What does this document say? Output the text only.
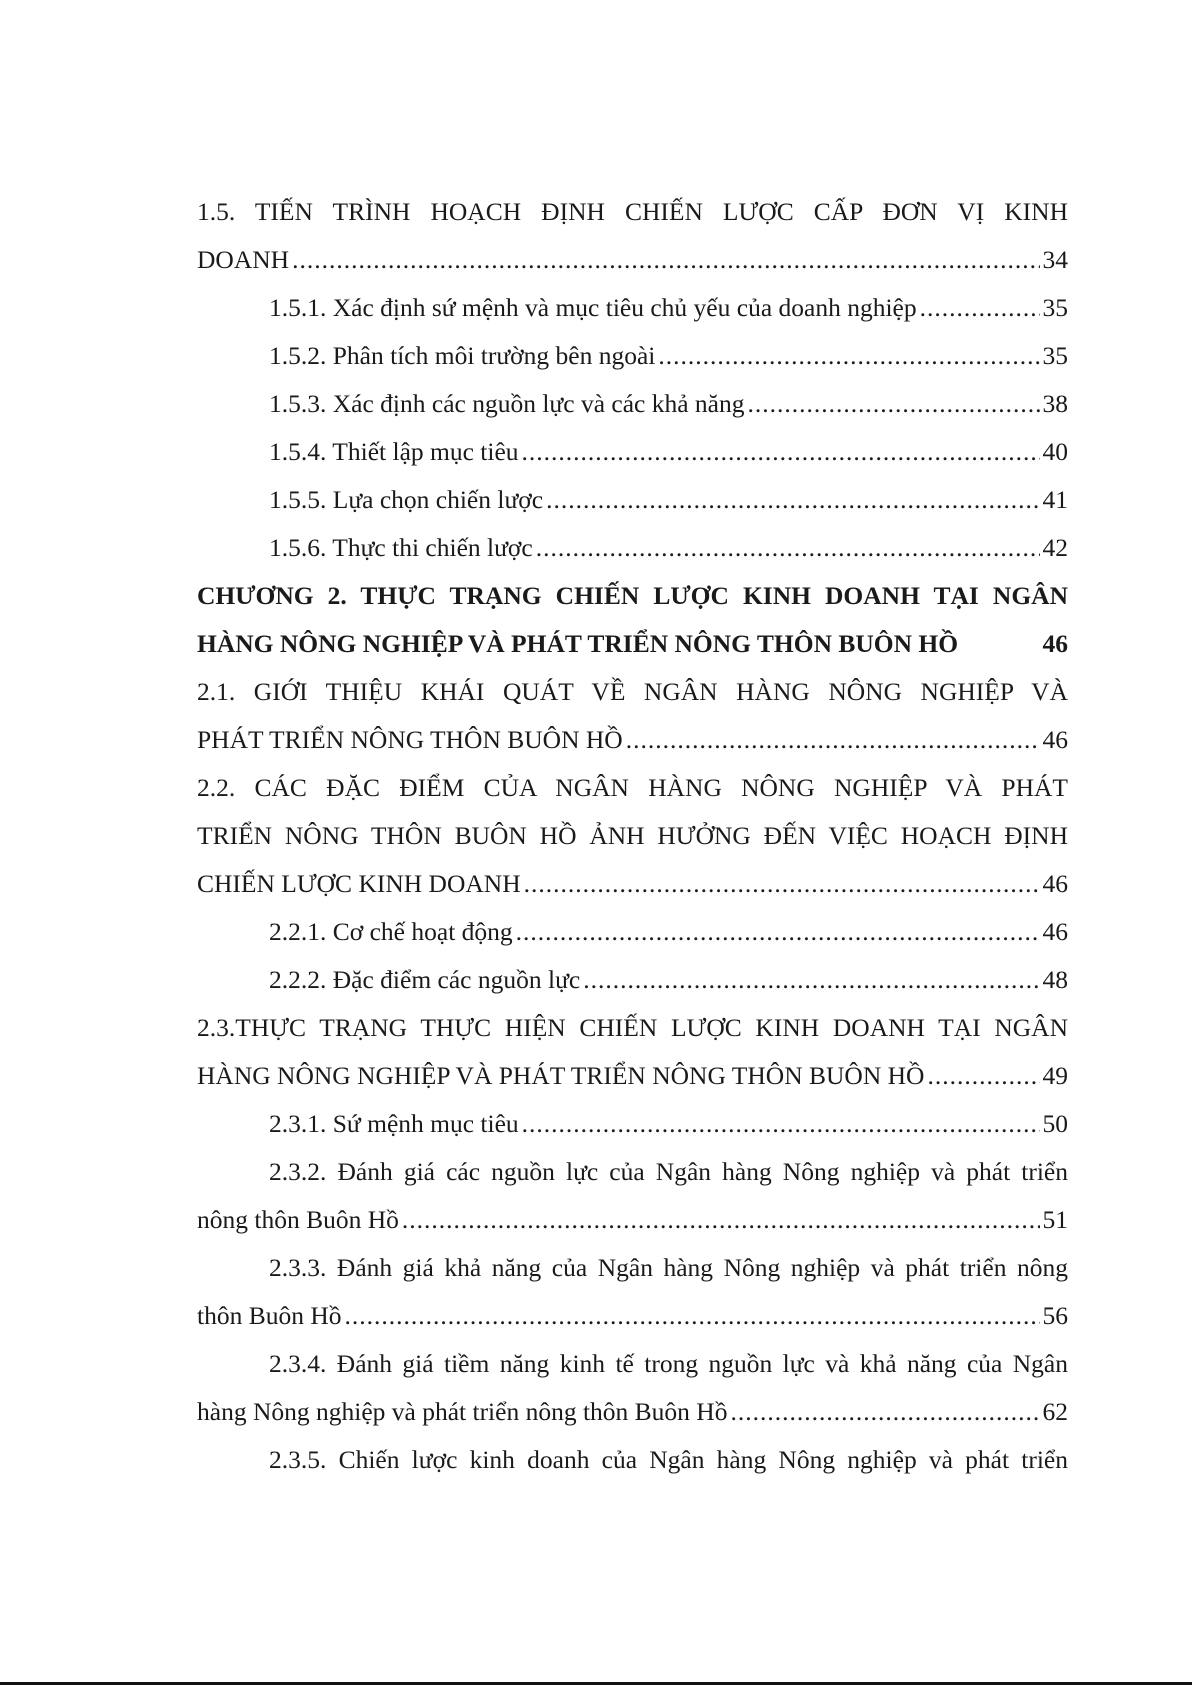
1.5. TIẾN TRÌNH HOẠCH ĐỊNH CHIẾN LƯỢC CẤP ĐƠN VỊ KINH
DOANH .....	34
1.5.1. Xác định sứ mệnh và mục tiêu chủ yếu của doanh nghiệp .....	35
1.5.2. Phân tích môi trường bên ngoài .....	35
1.5.3. Xác định các nguồn lực và các khả năng .....	38
1.5.4. Thiết lập mục tiêu .....	40
1.5.5. Lựa chọn chiến lược .....	41
1.5.6. Thực thi chiến lược .....	42
CHƯƠNG 2. THỰC TRẠNG CHIẾN LƯỢC KINH DOANH TẠI NGÂN
HÀNG NÔNG NGHIỆP VÀ PHÁT TRIỂN NÔNG THÔN BUÔN HỒ	46
2.1. GIỚI THIỆU KHÁI QUÁT VỀ NGÂN HÀNG NÔNG NGHIỆP VÀ
PHÁT TRIỂN NÔNG THÔN BUÔN HỒ .....	46
2.2. CÁC ĐẶC ĐIỂM CỦA NGÂN HÀNG NÔNG NGHIỆP VÀ PHÁT
TRIỂN NÔNG THÔN BUÔN HỒ ẢNH HƯỞNG ĐẾN VIỆC HOẠCH ĐỊNH
CHIẾN LƯỢC KINH DOANH .....	46
2.2.1. Cơ chế hoạt động .....	46
2.2.2. Đặc điểm các nguồn lực .....	48
2.3.THỰC TRẠNG THỰC HIỆN CHIẾN LƯỢC KINH DOANH TẠI NGÂN
HÀNG NÔNG NGHIỆP VÀ PHÁT TRIỂN NÔNG THÔN BUÔN HỒ .....	49
2.3.1. Sứ mệnh mục tiêu .....	50
2.3.2. Đánh giá các nguồn lực của Ngân hàng Nông nghiệp và phát triển
nông thôn Buôn Hồ .....	51
2.3.3. Đánh giá khả năng của Ngân hàng Nông nghiệp và phát triển nông
thôn Buôn Hồ .....	56
2.3.4. Đánh giá tiềm năng kinh tế trong nguồn lực và khả năng của Ngân
hàng Nông nghiệp và phát triển nông thôn Buôn Hồ .....	62
2.3.5. Chiến lược kinh doanh của Ngân hàng Nông nghiệp và phát triển
